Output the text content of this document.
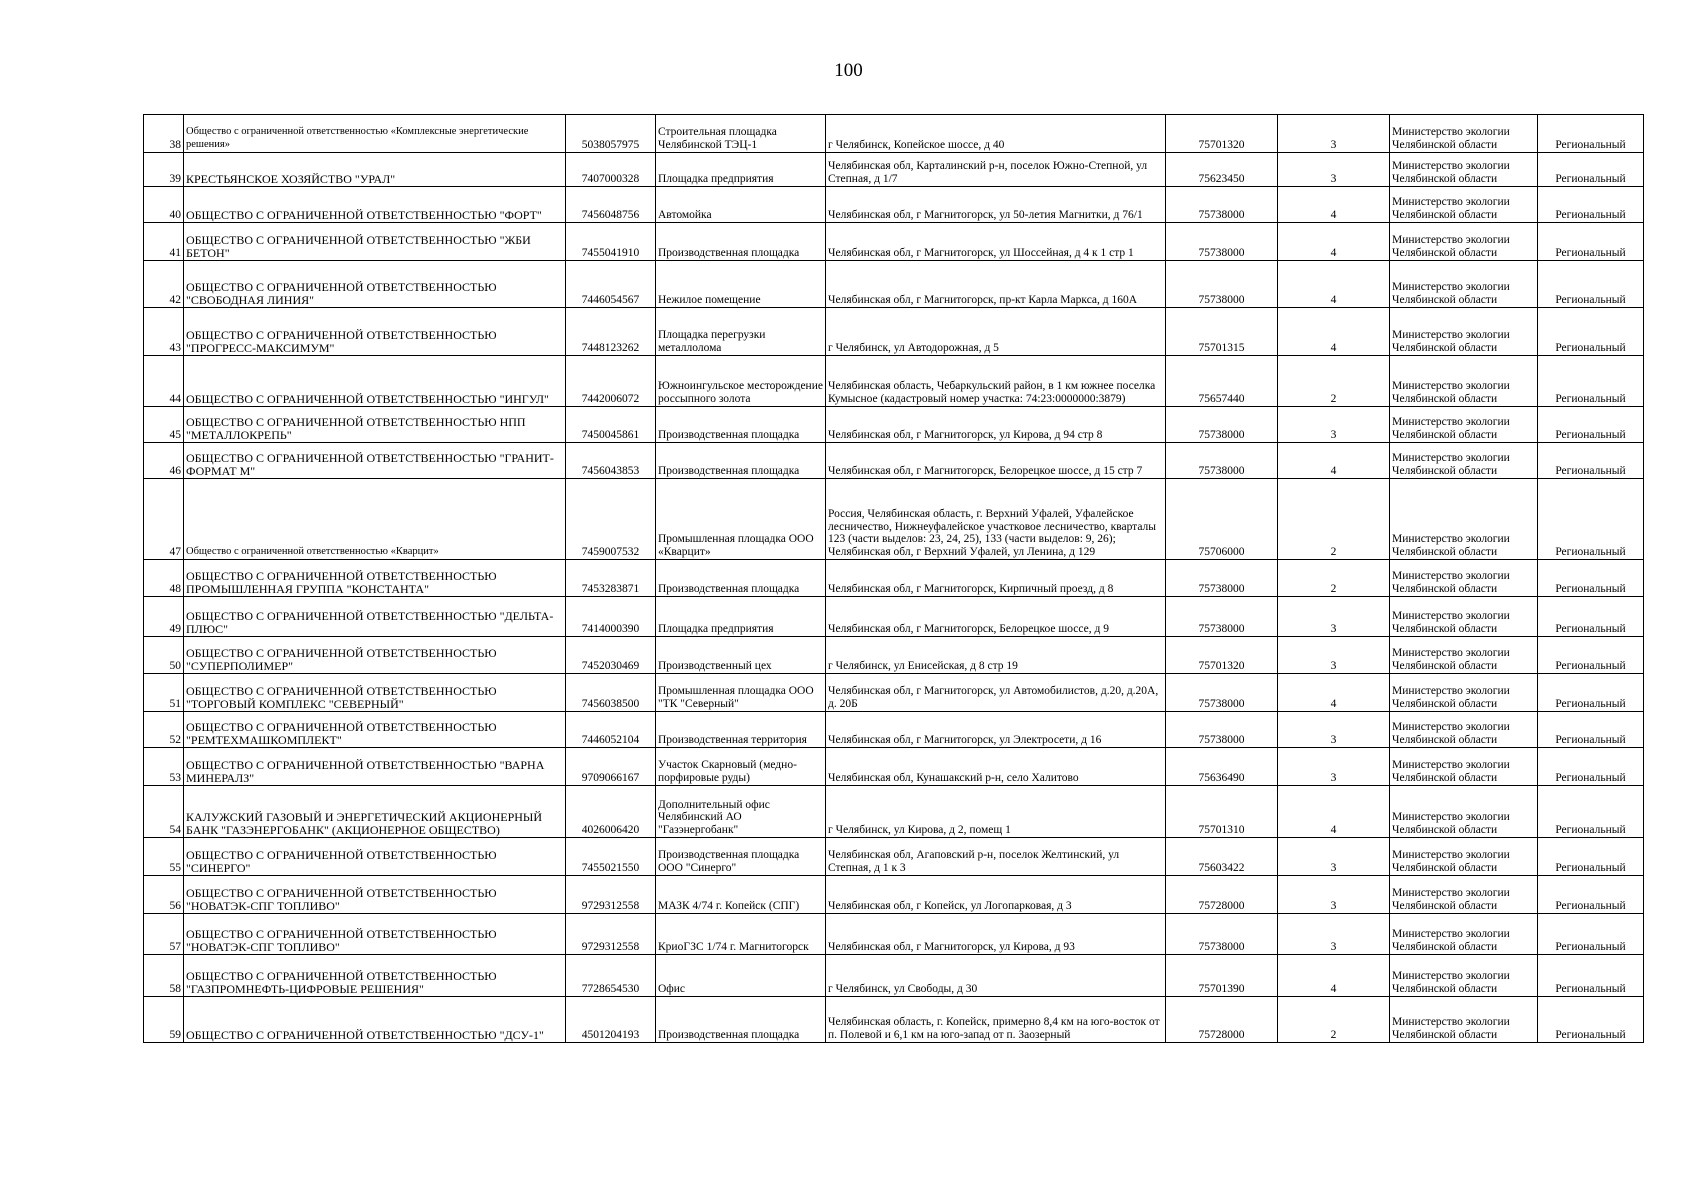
100
38	Общество с ограниченной ответственностью «Комплексные энергетические решения»	5038057975	Строительная площадка Челябинской ТЭЦ-1	г Челябинск, Копейское шоссе, д 40	75701320	3	Министерство экологии Челябинской области	Региональный
39	КРЕСТЬЯНСКОЕ ХОЗЯЙСТВО "УРАЛ"	7407000328	Площадка предприятия	Челябинская обл, Карталинский р-н, поселок Южно-Степной, ул Степная, д 1/7	75623450	3	Министерство экологии Челябинской области	Региональный
40	ОБЩЕСТВО С ОГРАНИЧЕННОЙ ОТВЕТСТВЕННОСТЬЮ "ФОРТ"	7456048756	Автомойка	Челябинская обл, г Магнитогорск, ул 50-летия Магнитки, д 76/1	75738000	4	Министерство экологии Челябинской области	Региональный
41	ОБЩЕСТВО С ОГРАНИЧЕННОЙ ОТВЕТСТВЕННОСТЬЮ "ЖБИ БЕТОН"	7455041910	Производственная площадка	Челябинская обл, г Магнитогорск, ул Шоссейная, д 4 к 1 стр 1	75738000	4	Министерство экологии Челябинской области	Региональный
42	ОБЩЕСТВО С ОГРАНИЧЕННОЙ ОТВЕТСТВЕННОСТЬЮ "СВОБОДНАЯ ЛИНИЯ"	7446054567	Нежилое помещение	Челябинская обл, г Магнитогорск, пр-кт Карла Маркса, д 160А	75738000	4	Министерство экологии Челябинской области	Региональный
43	ОБЩЕСТВО С ОГРАНИЧЕННОЙ ОТВЕТСТВЕННОСТЬЮ "ПРОГРЕСС-МАКСИМУМ"	7448123262	Площадка перегрузки металлолома	г Челябинск, ул Автодорожная, д 5	75701315	4	Министерство экологии Челябинской области	Региональный
44	ОБЩЕСТВО С ОГРАНИЧЕННОЙ ОТВЕТСТВЕННОСТЬЮ "ИНГУЛ"	7442006072	Южноингульское месторождение россыпного золота	Челябинская область, Чебаркульский район, в 1 км южнее поселка Кумысное (кадастровый номер участка: 74:23:0000000:3879)	75657440	2	Министерство экологии Челябинской области	Региональный
45	ОБЩЕСТВО С ОГРАНИЧЕННОЙ ОТВЕТСТВЕННОСТЬЮ НПП "МЕТАЛЛОКРЕПЬ"	7450045861	Производственная площадка	Челябинская обл, г Магнитогорск, ул Кирова, д 94 стр 8	75738000	3	Министерство экологии Челябинской области	Региональный
46	ОБЩЕСТВО С ОГРАНИЧЕННОЙ ОТВЕТСТВЕННОСТЬЮ "ГРАНИТ-ФОРМАТ М"	7456043853	Производственная площадка	Челябинская обл, г Магнитогорск, Белорецкое шоссе, д 15 стр 7	75738000	4	Министерство экологии Челябинской области	Региональный
47	Общество с ограниченной ответственностью «Кварцит»	7459007532	Промышленная площадка ООО «Кварцит»	Россия, Челябинская область, г. Верхний Уфалей, Уфалейское лесничество, Нижнеуфалейское участковое лесничество, кварталы 123 (части выделов: 23, 24, 25), 133 (части выделов: 9, 26); Челябинская обл, г Верхний Уфалей, ул Ленина, д 129	75706000	2	Министерство экологии Челябинской области	Региональный
48	ОБЩЕСТВО С ОГРАНИЧЕННОЙ ОТВЕТСТВЕННОСТЬЮ ПРОМЫШЛЕННАЯ ГРУППА "КОНСТАНТА"	7453283871	Производственная площадка	Челябинская обл, г Магнитогорск, Кирпичный проезд, д 8	75738000	2	Министерство экологии Челябинской области	Региональный
49	ОБЩЕСТВО С ОГРАНИЧЕННОЙ ОТВЕТСТВЕННОСТЬЮ "ДЕЛЬТА-ПЛЮС"	7414000390	Площадка предприятия	Челябинская обл, г Магнитогорск, Белорецкое шоссе, д 9	75738000	3	Министерство экологии Челябинской области	Региональный
50	ОБЩЕСТВО С ОГРАНИЧЕННОЙ ОТВЕТСТВЕННОСТЬЮ "СУПЕРПОЛИМЕР"	7452030469	Производственный цех	г Челябинск, ул Енисейская, д 8 стр 19	75701320	3	Министерство экологии Челябинской области	Региональный
51	ОБЩЕСТВО С ОГРАНИЧЕННОЙ ОТВЕТСТВЕННОСТЬЮ "ТОРГОВЫЙ КОМПЛЕКС "СЕВЕРНЫЙ"	7456038500	Промышленная площадка ООО "ТК "Северный"	Челябинская обл, г Магнитогорск, ул Автомобилистов, д.20, д.20А, д. 20Б	75738000	4	Министерство экологии Челябинской области	Региональный
52	ОБЩЕСТВО С ОГРАНИЧЕННОЙ ОТВЕТСТВЕННОСТЬЮ "РЕМТЕХМАШКОМПЛЕКТ"	7446052104	Производственная территория	Челябинская обл, г Магнитогорск, ул Электросети, д 16	75738000	3	Министерство экологии Челябинской области	Региональный
53	ОБЩЕСТВО С ОГРАНИЧЕННОЙ ОТВЕТСТВЕННОСТЬЮ "ВАРНА МИНЕРАЛЗ"	9709066167	Участок Скарновый (медно-порфировые руды)	Челябинская обл, Кунашакский р-н, село Халитово	75636490	3	Министерство экологии Челябинской области	Региональный
54	КАЛУЖСКИЙ ГАЗОВЫЙ И ЭНЕРГЕТИЧЕСКИЙ АКЦИОНЕРНЫЙ БАНК "ГАЗЭНЕРГОБАНК" (АКЦИОНЕРНОЕ ОБЩЕСТВО)	4026006420	Дополнительный офис Челябинский АО "Газэнергобанк"	г Челябинск, ул Кирова, д 2, помещ 1	75701310	4	Министерство экологии Челябинской области	Региональный
55	ОБЩЕСТВО С ОГРАНИЧЕННОЙ ОТВЕТСТВЕННОСТЬЮ "СИНЕРГО"	7455021550	Производственная площадка ООО "Синерго"	Челябинская обл, Агаповский р-н, поселок Желтинский, ул Степная, д 1 к 3	75603422	3	Министерство экологии Челябинской области	Региональный
56	ОБЩЕСТВО С ОГРАНИЧЕННОЙ ОТВЕТСТВЕННОСТЬЮ "НОВАТЭК-СПГ ТОПЛИВО"	9729312558	МАЗК 4/74 г. Копейск (СПГ)	Челябинская обл, г Копейск, ул Логопарковая, д 3	75728000	3	Министерство экологии Челябинской области	Региональный
57	ОБЩЕСТВО С ОГРАНИЧЕННОЙ ОТВЕТСТВЕННОСТЬЮ "НОВАТЭК-СПГ ТОПЛИВО"	9729312558	КриоГЗС 1/74 г. Магнитогорск	Челябинская обл, г Магнитогорск, ул Кирова, д 93	75738000	3	Министерство экологии Челябинской области	Региональный
58	ОБЩЕСТВО С ОГРАНИЧЕННОЙ ОТВЕТСТВЕННОСТЬЮ "ГАЗПРОМНЕФТЬ-ЦИФРОВЫЕ РЕШЕНИЯ"	7728654530	Офис	г Челябинск, ул Свободы, д 30	75701390	4	Министерство экологии Челябинской области	Региональный
59	ОБЩЕСТВО С ОГРАНИЧЕННОЙ ОТВЕТСТВЕННОСТЬЮ "ДСУ-1"	4501204193	Производственная площадка	Челябинская область, г. Копейск, примерно 8,4 км на юго-восток от п. Полевой и 6,1 км на юго-запад от п. Заозерный	75728000	2	Министерство экологии Челябинской области	Региональный
